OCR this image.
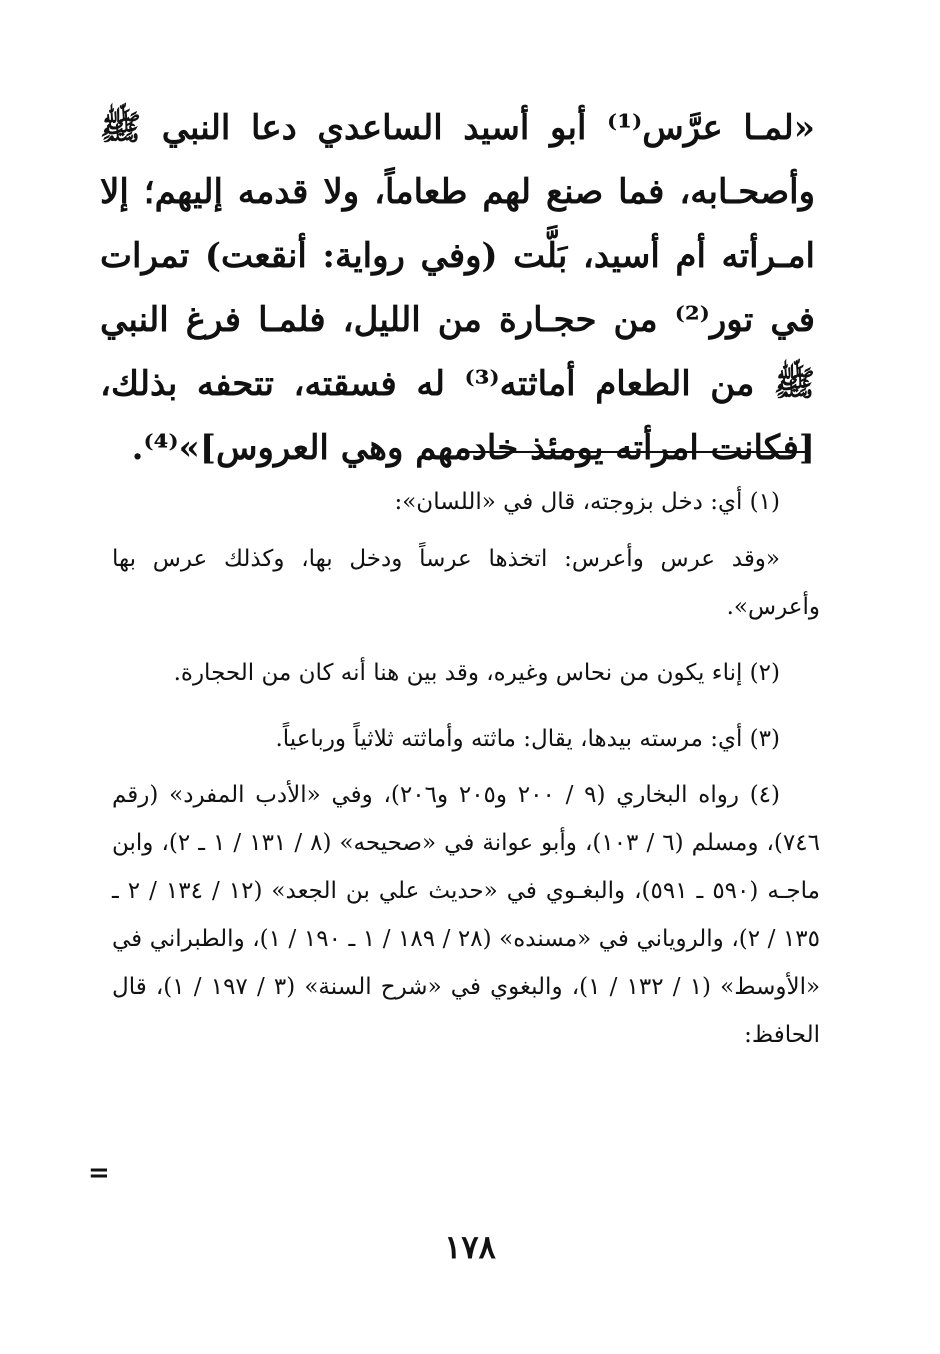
«لمـا عرَّس⁽¹⁾ أبو أسيد الساعدي دعا النبي ﷺ وأصحـابه، فما صنع لهم طعاماً، ولا قدمه إليهم؛ إلا امـرأته أم أسيد، بَلَّت (وفي رواية: أنقعت) تمرات في تور⁽²⁾ من حجـارة من الليل، فلمـا فرغ النبي ﷺ من الطعام أماثته⁽³⁾ له فسقته، تتحفه بذلك، [فكانت امرأته يومئذ خادمهم وهي العروس]»⁽⁴⁾.

(١) أي: دخل بزوجته، قال في «اللسان»:

«وقد عرس وأعرس: اتخذها عرساً ودخل بها، وكذلك عرس بها وأعرس».

(٢) إناء يكون من نحاس وغيره، وقد بين هنا أنه كان من الحجارة.

(٣) أي: مرسته بيدها، يقال: ماثته وأماثته ثلاثياً ورباعياً.

(٤) رواه البخاري (٩ / ٢٠٠ و٢٠٥ و٢٠٦)، وفي «الأدب المفرد» (رقم ٧٤٦)، ومسلم (٦ / ١٠٣)، وأبو عوانة في «صحيحه» (٨ / ١٣١ / ١ ـ ٢)، وابن ماجـه (٥٩٠ ـ ٥٩١)، والبغـوي في «حديث علي بن الجعد» (١٢ / ١٣٤ / ٢ ـ ١٣٥ / ٢)، والروياني في «مسنده» (٢٨ / ١٨٩ / ١ ـ ١٩٠ / ١)، والطبراني في «الأوسط» (١ / ١٣٢ / ١)، والبغوي في «شرح السنة» (٣ / ١٩٧ / ١)، قال الحافظ:

=
١٧٨
